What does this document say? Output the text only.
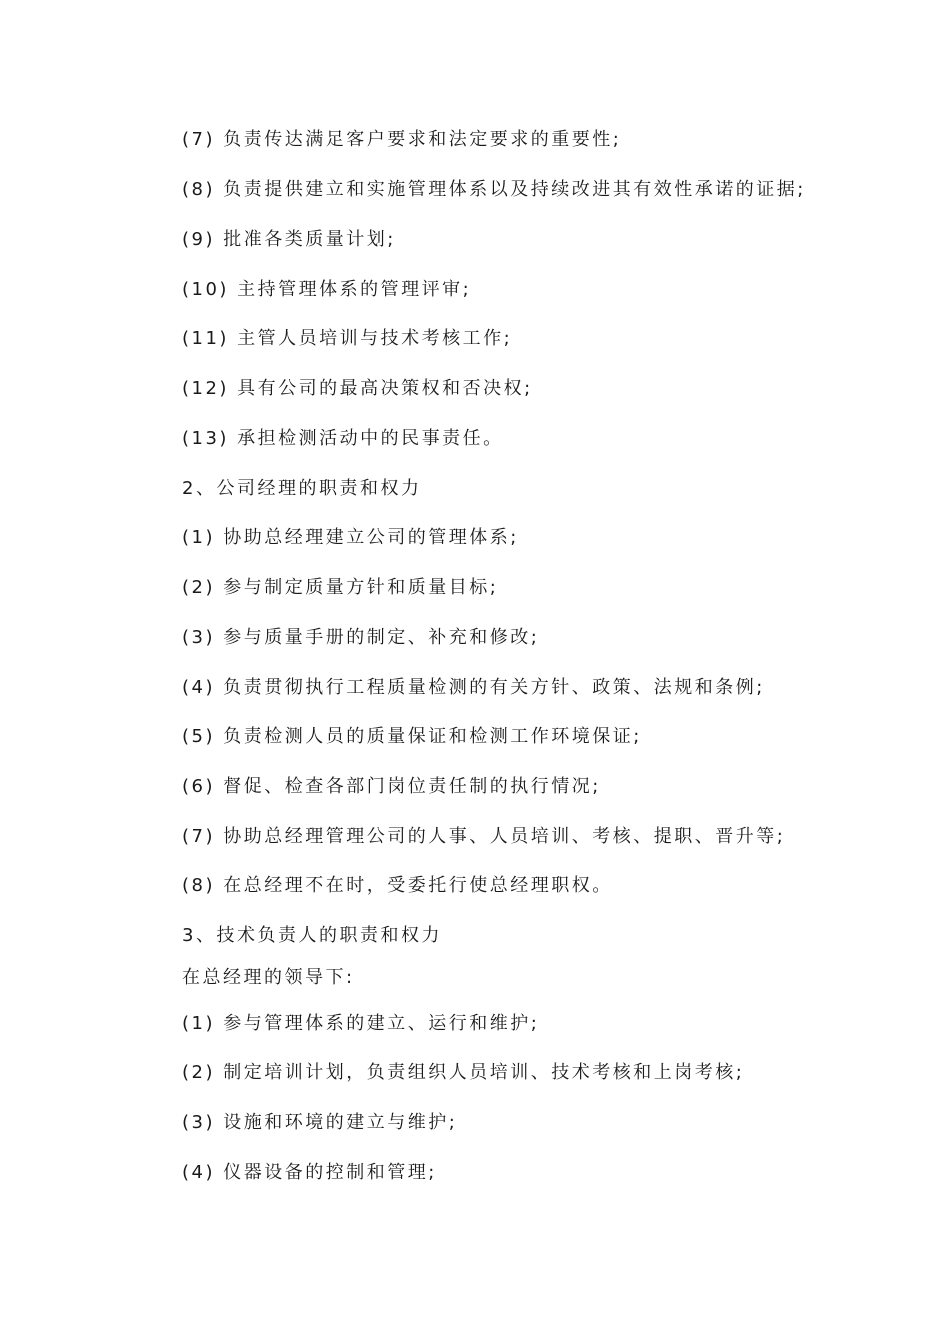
(7) 负责传达满足客户要求和法定要求的重要性;
(8) 负责提供建立和实施管理体系以及持续改进其有效性承诺的证据;
(9) 批准各类质量计划;
(10) 主持管理体系的管理评审;
(11) 主管人员培训与技术考核工作;
(12) 具有公司的最高决策权和否决权;
(13) 承担检测活动中的民事责任。
2、公司经理的职责和权力
(1) 协助总经理建立公司的管理体系;
(2) 参与制定质量方针和质量目标;
(3) 参与质量手册的制定、补充和修改;
(4) 负责贯彻执行工程质量检测的有关方针、政策、法规和条例;
(5) 负责检测人员的质量保证和检测工作环境保证;
(6) 督促、检查各部门岗位责任制的执行情况;
(7) 协助总经理管理公司的人事、人员培训、考核、提职、晋升等;
(8) 在总经理不在时，受委托行使总经理职权。
3、技术负责人的职责和权力
在总经理的领导下:
(1) 参与管理体系的建立、运行和维护;
(2) 制定培训计划，负责组织人员培训、技术考核和上岗考核;
(3) 设施和环境的建立与维护;
(4) 仪器设备的控制和管理;
